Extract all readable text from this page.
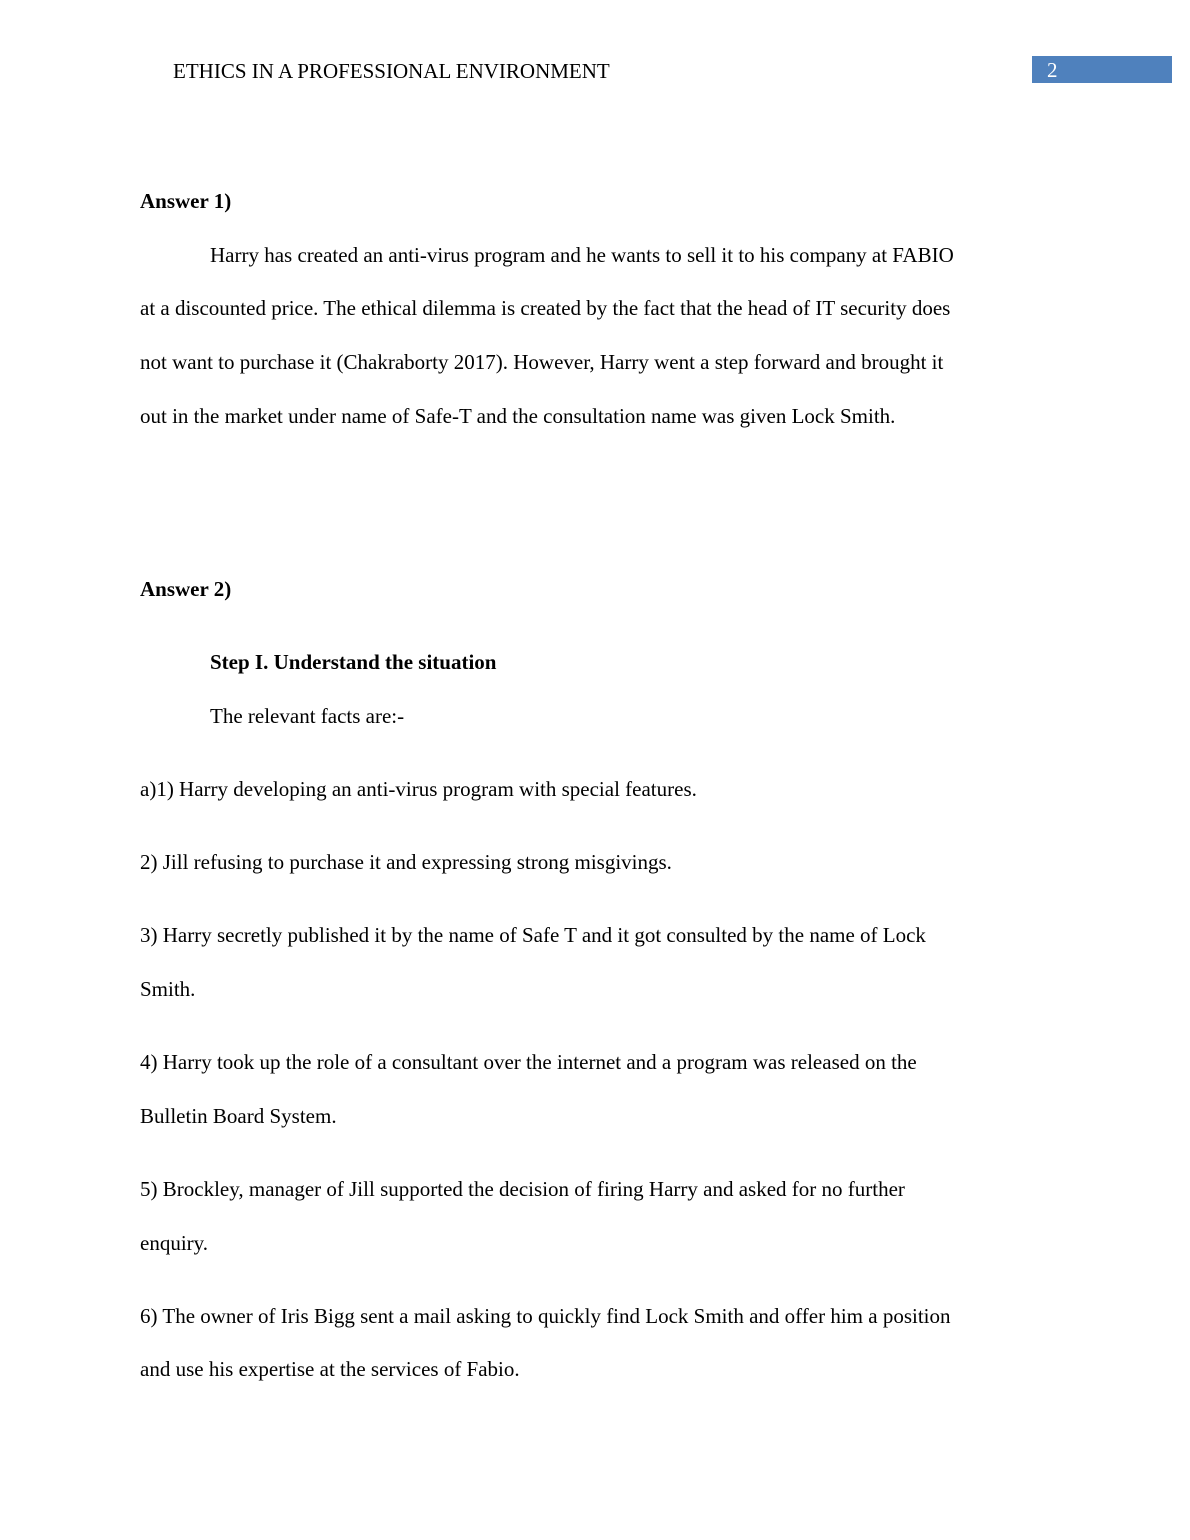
ETHICS IN A PROFESSIONAL ENVIRONMENT	2
Answer 1)
Harry has created an anti-virus program and he wants to sell it to his company at FABIO
at a discounted price. The ethical dilemma is created by the fact that the head of IT security does
not want to purchase it (Chakraborty 2017). However, Harry went a step forward and brought it
out in the market under name of Safe-T and the consultation name was given Lock Smith.
Answer 2)
Step I. Understand the situation
The relevant facts are:-
a)1) Harry developing an anti-virus program with special features.
2) Jill refusing to purchase it and expressing strong misgivings.
3) Harry secretly published it by the name of Safe T and it got consulted by the name of Lock
Smith.
4) Harry took up the role of a consultant over the internet and a program was released on the
Bulletin Board System.
5) Brockley, manager of Jill supported the decision of firing Harry and asked for no further
enquiry.
6) The owner of Iris Bigg sent a mail asking to quickly find Lock Smith and offer him a position
and use his expertise at the services of Fabio.
